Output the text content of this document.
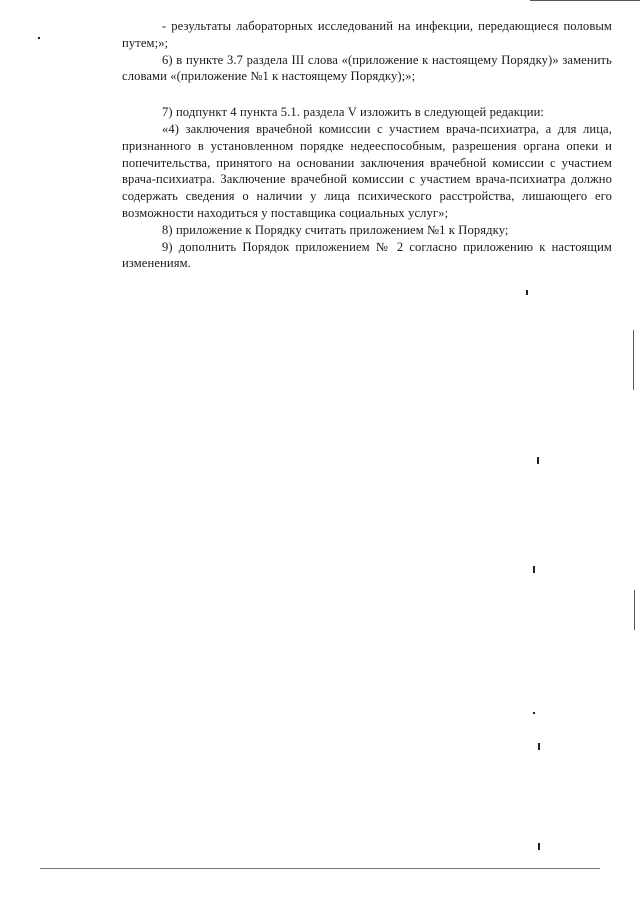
- результаты лабораторных исследований на инфекции, передающиеся половым путем;»;

6) в пункте 3.7 раздела III слова «(приложение к настоящему Порядку)» заменить словами «(приложение №1 к настоящему Порядку);»;

7) подпункт 4 пункта 5.1. раздела V изложить в следующей редакции:

«4) заключения врачебной комиссии с участием врача-психиатра, а для лица, признанного в установленном порядке недееспособным, разрешения органа опеки и попечительства, принятого на основании заключения врачебной комиссии с участием врача-психиатра. Заключение врачебной комиссии с участием врача-психиатра должно содержать сведения о наличии у лица психического расстройства, лишающего его возможности находиться у поставщика социальных услуг»;

8) приложение к Порядку считать приложением №1 к Порядку;

9) дополнить Порядок приложением № 2 согласно приложению к настоящим изменениям.
